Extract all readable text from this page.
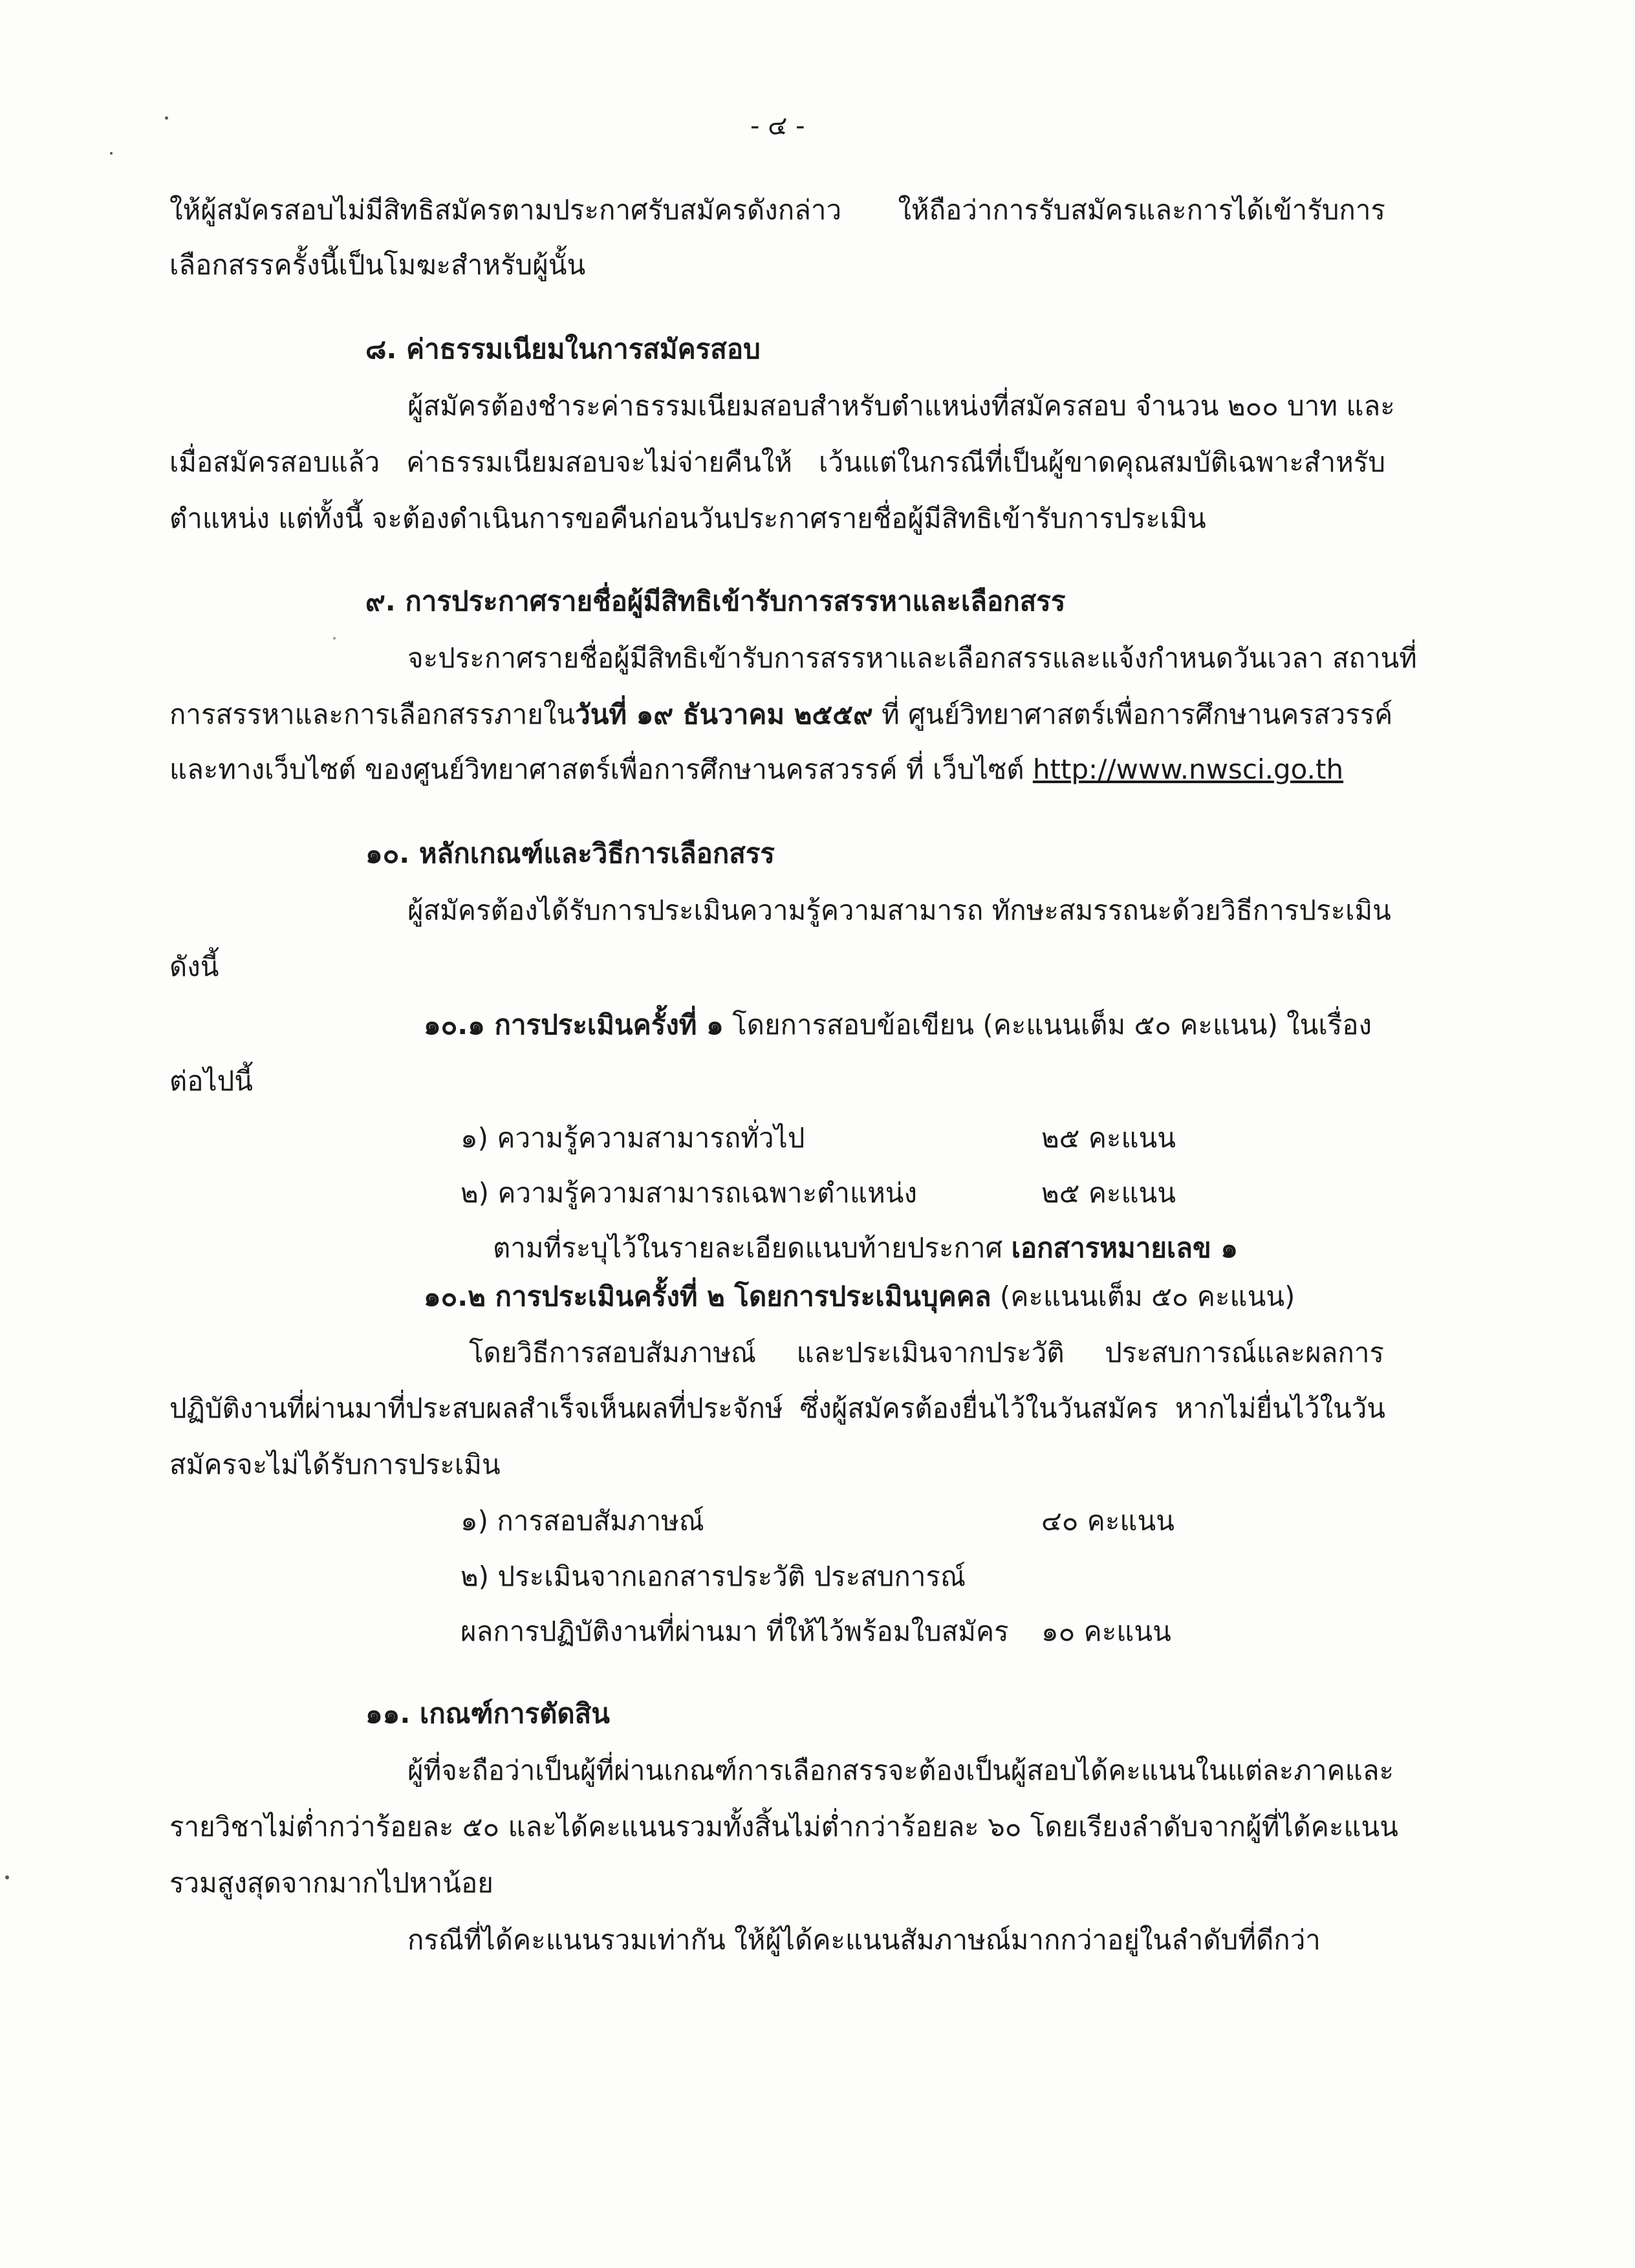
- ๔ -
ให้ผู้สมัครสอบไม่มีสิทธิสมัครตามประกาศรับสมัครดังกล่าว ให้ถือว่าการรับสมัครและการได้เข้ารับการ
เลือกสรรครั้งนี้เป็นโมฆะสำหรับผู้นั้น
๘. ค่าธรรมเนียมในการสมัครสอบ
ผู้สมัครต้องชำระค่าธรรมเนียมสอบสำหรับตำแหน่งที่สมัครสอบ จำนวน ๒๐๐ บาท และ
เมื่อสมัครสอบแล้ว ค่าธรรมเนียมสอบจะไม่จ่ายคืนให้ เว้นแต่ในกรณีที่เป็นผู้ขาดคุณสมบัติเฉพาะสำหรับ
ตำแหน่ง แต่ทั้งนี้ จะต้องดำเนินการขอคืนก่อนวันประกาศรายชื่อผู้มีสิทธิเข้ารับการประเมิน
๙. การประกาศรายชื่อผู้มีสิทธิเข้ารับการสรรหาและเลือกสรร
จะประกาศรายชื่อผู้มีสิทธิเข้ารับการสรรหาและเลือกสรรและแจ้งกำหนดวันเวลา สถานที่
การสรรหาและการเลือกสรรภายในวันที่ ๑๙ ธันวาคม ๒๕๕๙ ที่ ศูนย์วิทยาศาสตร์เพื่อการศึกษานครสวรรค์
และทางเว็บไซต์ ของศูนย์วิทยาศาสตร์เพื่อการศึกษานครสวรรค์ ที่ เว็บไซต์ http://www.nwsci.go.th
๑๐. หลักเกณฑ์และวิธีการเลือกสรร
ผู้สมัครต้องได้รับการประเมินความรู้ความสามารถ ทักษะสมรรถนะด้วยวิธีการประเมิน
ดังนี้
๑๐.๑ การประเมินครั้งที่ ๑ โดยการสอบข้อเขียน (คะแนนเต็ม ๕๐ คะแนน) ในเรื่อง
ต่อไปนี้
๑) ความรู้ความสามารถทั่วไป	๒๕ คะแนน
๒) ความรู้ความสามารถเฉพาะตำแหน่ง	๒๕ คะแนน
ตามที่ระบุไว้ในรายละเอียดแนบท้ายประกาศ เอกสารหมายเลข ๑
๑๐.๒ การประเมินครั้งที่ ๒ โดยการประเมินบุคคล (คะแนนเต็ม ๕๐ คะแนน)
โดยวิธีการสอบสัมภาษณ์ และประเมินจากประวัติ ประสบการณ์และผลการ
ปฏิบัติงานที่ผ่านมาที่ประสบผลสำเร็จเห็นผลที่ประจักษ์ ซึ่งผู้สมัครต้องยื่นไว้ในวันสมัคร หากไม่ยื่นไว้ในวัน
สมัครจะไม่ได้รับการประเมิน
๑) การสอบสัมภาษณ์	๔๐ คะแนน
๒) ประเมินจากเอกสารประวัติ ประสบการณ์
ผลการปฏิบัติงานที่ผ่านมา ที่ให้ไว้พร้อมใบสมัคร ๑๐ คะแนน
๑๑. เกณฑ์การตัดสิน
ผู้ที่จะถือว่าเป็นผู้ที่ผ่านเกณฑ์การเลือกสรรจะต้องเป็นผู้สอบได้คะแนนในแต่ละภาคและ
รายวิชาไม่ต่ำกว่าร้อยละ ๕๐ และได้คะแนนรวมทั้งสิ้นไม่ต่ำกว่าร้อยละ ๖๐ โดยเรียงลำดับจากผู้ที่ได้คะแนน
รวมสูงสุดจากมากไปหาน้อย
กรณีที่ได้คะแนนรวมเท่ากัน ให้ผู้ได้คะแนนสัมภาษณ์มากกว่าอยู่ในลำดับที่ดีกว่า
